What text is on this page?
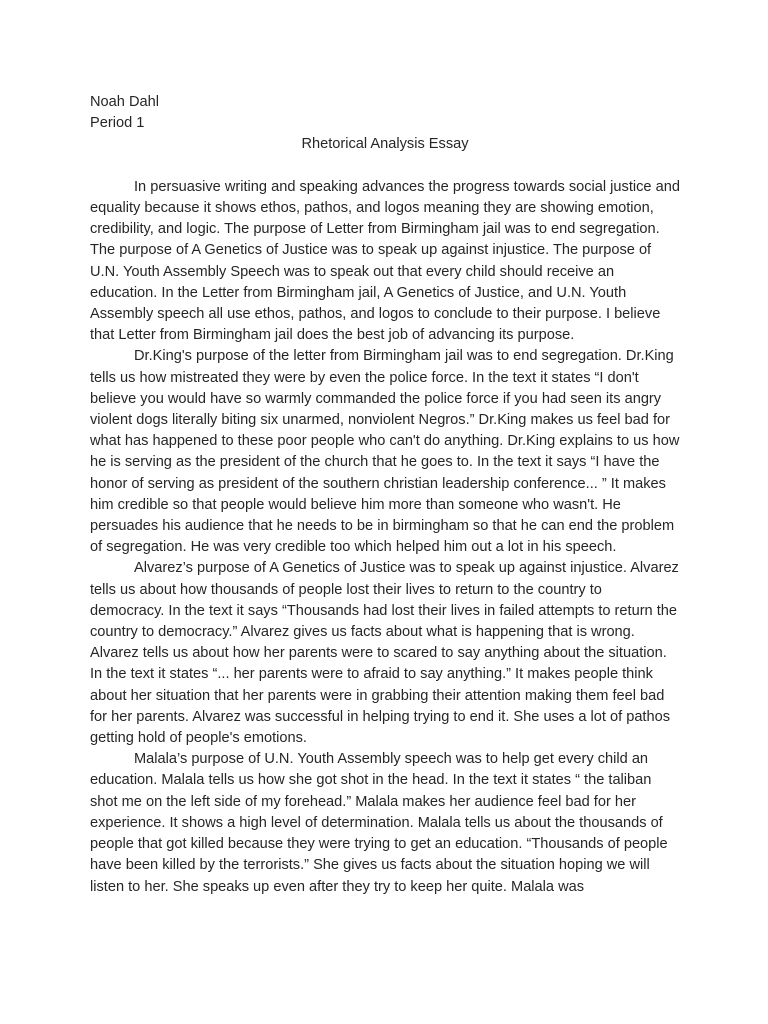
Noah Dahl
Period 1
Rhetorical Analysis Essay

In persuasive writing and speaking advances the progress towards social justice and equality because it shows ethos, pathos, and logos meaning they are showing emotion, credibility, and logic. The purpose of Letter from Birmingham jail was to end segregation. The purpose of A Genetics of Justice was to speak up against injustice. The purpose of U.N. Youth Assembly Speech was to speak out that every child should receive an education. In the Letter from Birmingham jail, A Genetics of Justice, and U.N. Youth Assembly speech all use ethos, pathos, and logos to conclude to their purpose. I believe that Letter from Birmingham jail does the best job of advancing its purpose.

Dr.King's purpose of the letter from Birmingham jail was to end segregation. Dr.King tells us how mistreated they were by even the police force. In the text it states “I don't believe you would have so warmly commanded the police force if you had seen its angry violent dogs literally biting six unarmed, nonviolent Negros.” Dr.King makes us feel bad for what has happened to these poor people who can't do anything. Dr.King explains to us how he is serving as the president of the church that he goes to. In the text it says “I have the honor of serving as president of the southern christian leadership conference... ” It makes him credible so that people would believe him more than someone who wasn't. He persuades his audience that he needs to be in birmingham so that he can end the problem of segregation. He was very credible too which helped him out a lot in his speech.

Alvarez’s purpose of A Genetics of Justice was to speak up against injustice. Alvarez tells us about how thousands of people lost their lives to return to the country to democracy. In the text it says “Thousands had lost their lives in failed attempts to return the country to democracy.” Alvarez gives us facts about what is happening that is wrong. Alvarez tells us about how her parents were to scared to say anything about the situation. In the text it states “... her parents were to afraid to say anything.” It makes people think about her situation that her parents were in grabbing their attention making them feel bad for her parents. Alvarez was successful in helping trying to end it. She uses a lot of pathos getting hold of people's emotions.

Malala’s purpose of U.N. Youth Assembly speech was to help get every child an education. Malala tells us how she got shot in the head. In the text it states “ the taliban shot me on the left side of my forehead.” Malala makes her audience feel bad for her experience. It shows a high level of determination. Malala tells us about the thousands of people that got killed because they were trying to get an education. “Thousands of people have been killed by the terrorists.” She gives us facts about the situation hoping we will listen to her. She speaks up even after they try to keep her quite. Malala was
